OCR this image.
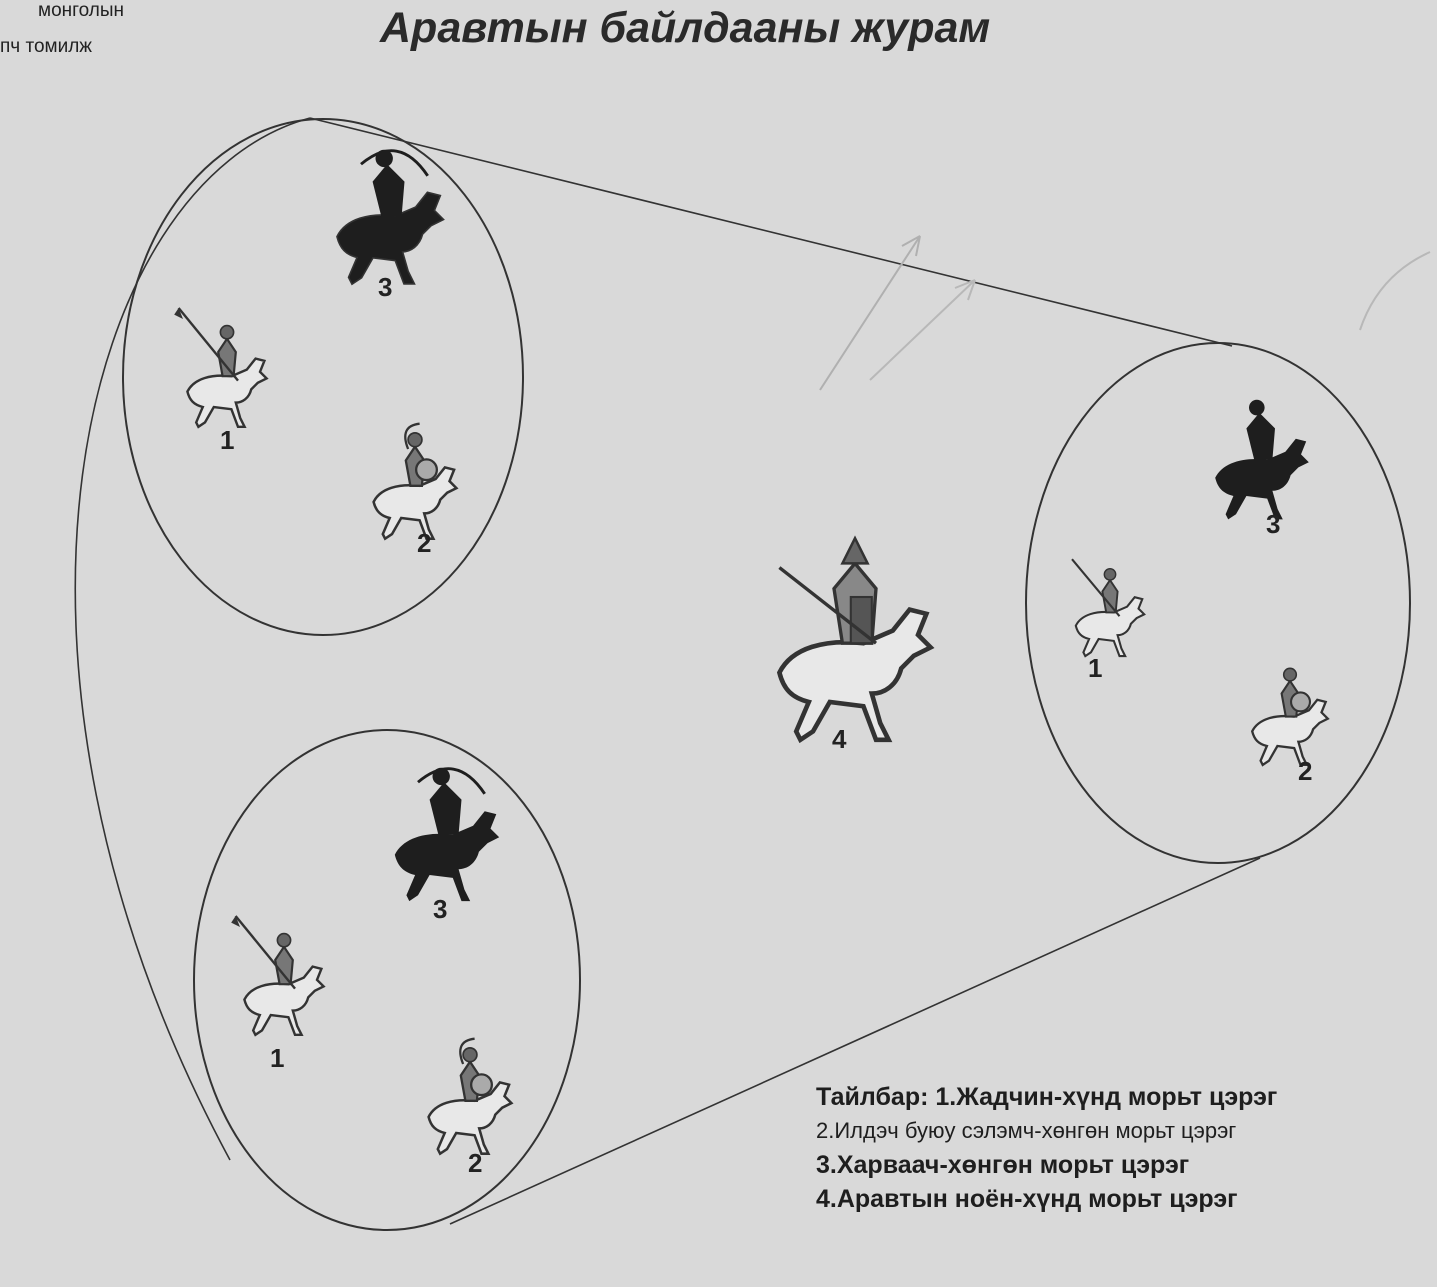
монголын
пч томилж	Аравтын байлдааны журам
3
1
2
3
1
2
3
1
2
4
Тайлбар: 1.Жадчин-хүнд морьт цэрэг
2.Илдэч буюу сэлэмч-хөнгөн морьт цэрэг
3.Харваач-хөнгөн морьт цэрэг
4.Аравтын ноён-хүнд морьт цэрэг
